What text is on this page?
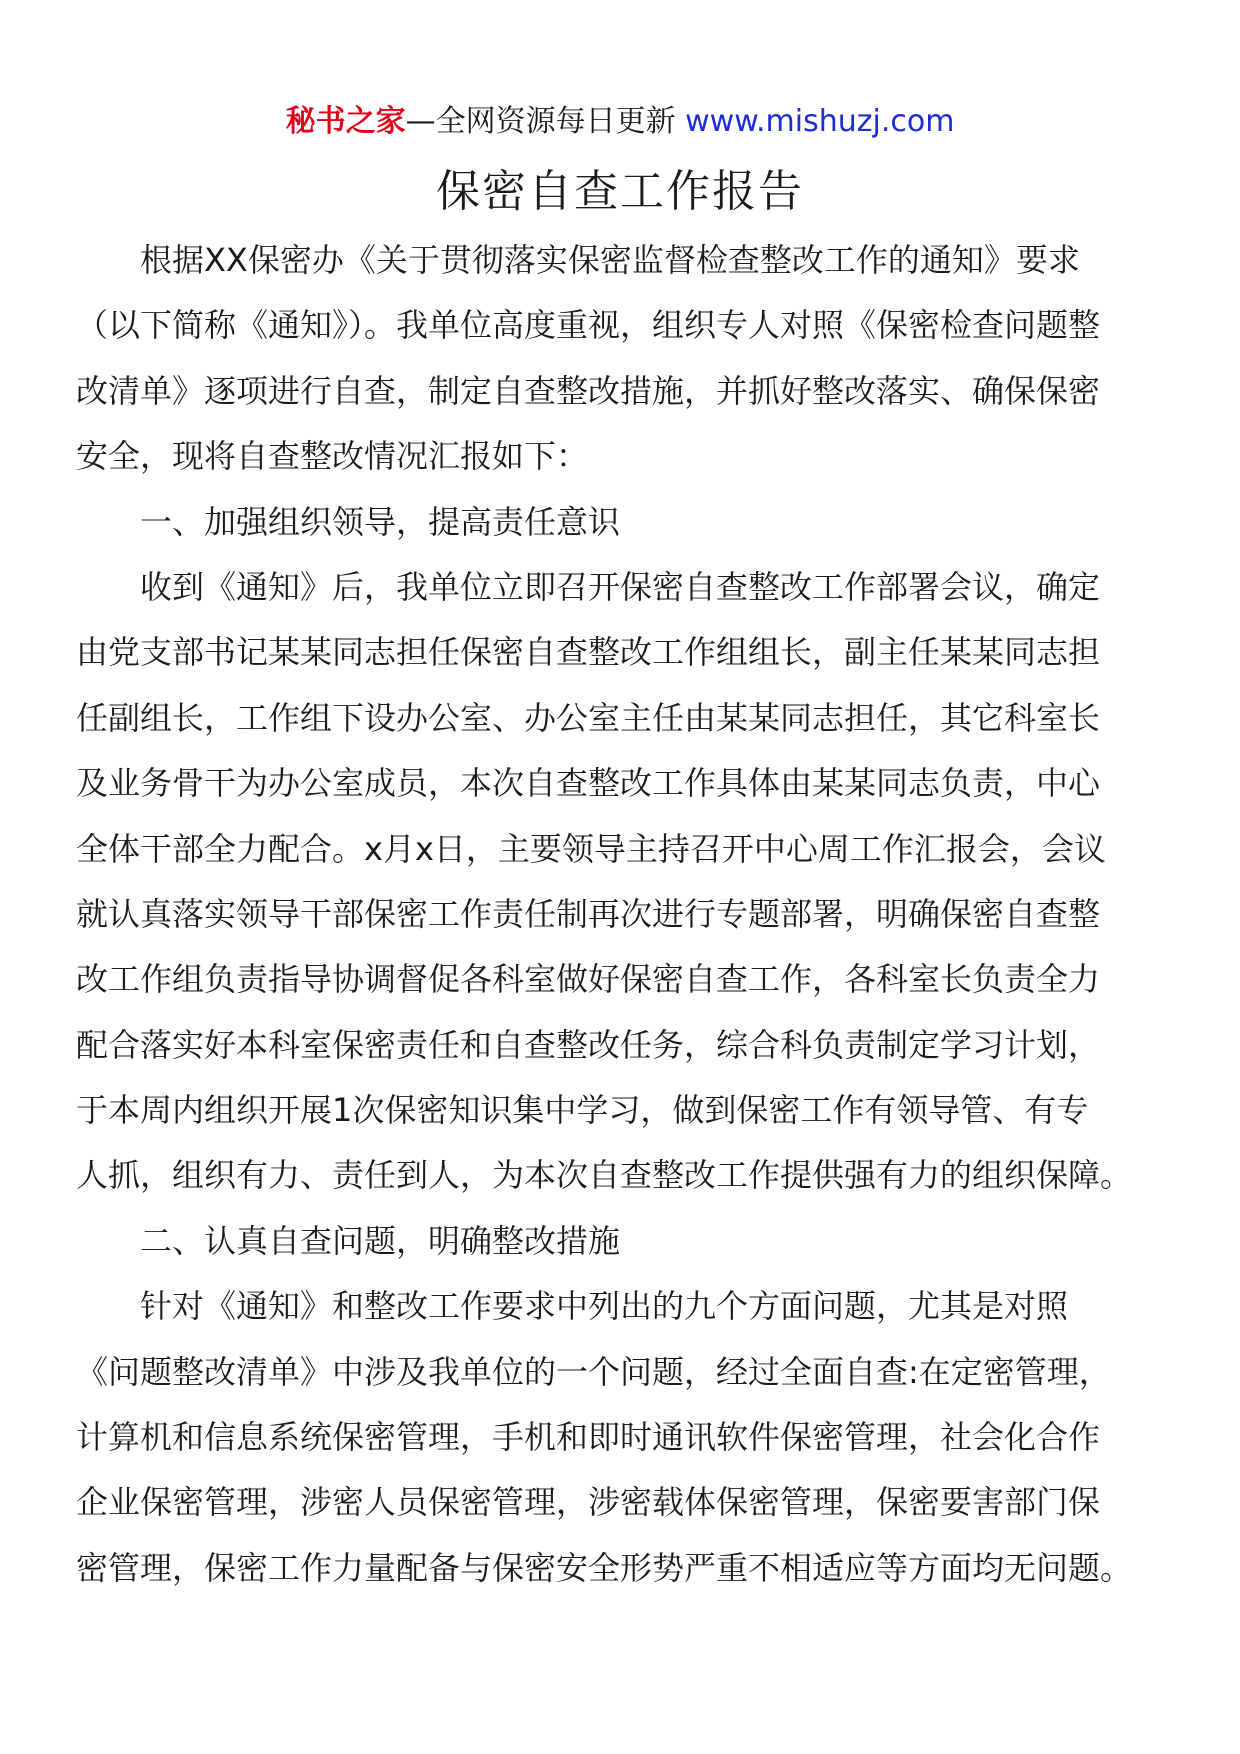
秘书之家—全网资源每日更新 www.mishuzj.com
保密自查工作报告
根据XX保密办《关于贯彻落实保密监督检查整改工作的通知》要求
（以下简称《通知》）。我单位高度重视，组织专人对照《保密检查问题整
改清单》逐项进行自查，制定自查整改措施，并抓好整改落实、确保保密
安全，现将自查整改情况汇报如下：
一、加强组织领导，提高责任意识
收到《通知》后，我单位立即召开保密自查整改工作部署会议，确定
由党支部书记某某同志担任保密自查整改工作组组长，副主任某某同志担
任副组长，工作组下设办公室、办公室主任由某某同志担任，其它科室长
及业务骨干为办公室成员，本次自查整改工作具体由某某同志负责，中心
全体干部全力配合。x月x日，主要领导主持召开中心周工作汇报会，会议
就认真落实领导干部保密工作责任制再次进行专题部署，明确保密自查整
改工作组负责指导协调督促各科室做好保密自查工作，各科室长负责全力
配合落实好本科室保密责任和自查整改任务，综合科负责制定学习计划，
于本周内组织开展1次保密知识集中学习，做到保密工作有领导管、有专
人抓，组织有力、责任到人，为本次自查整改工作提供强有力的组织保障。
二、认真自查问题，明确整改措施
针对《通知》和整改工作要求中列出的九个方面问题，尤其是对照
《问题整改清单》中涉及我单位的一个问题，经过全面自查:在定密管理，
计算机和信息系统保密管理，手机和即时通讯软件保密管理，社会化合作
企业保密管理，涉密人员保密管理，涉密载体保密管理，保密要害部门保
密管理，保密工作力量配备与保密安全形势严重不相适应等方面均无问题。
